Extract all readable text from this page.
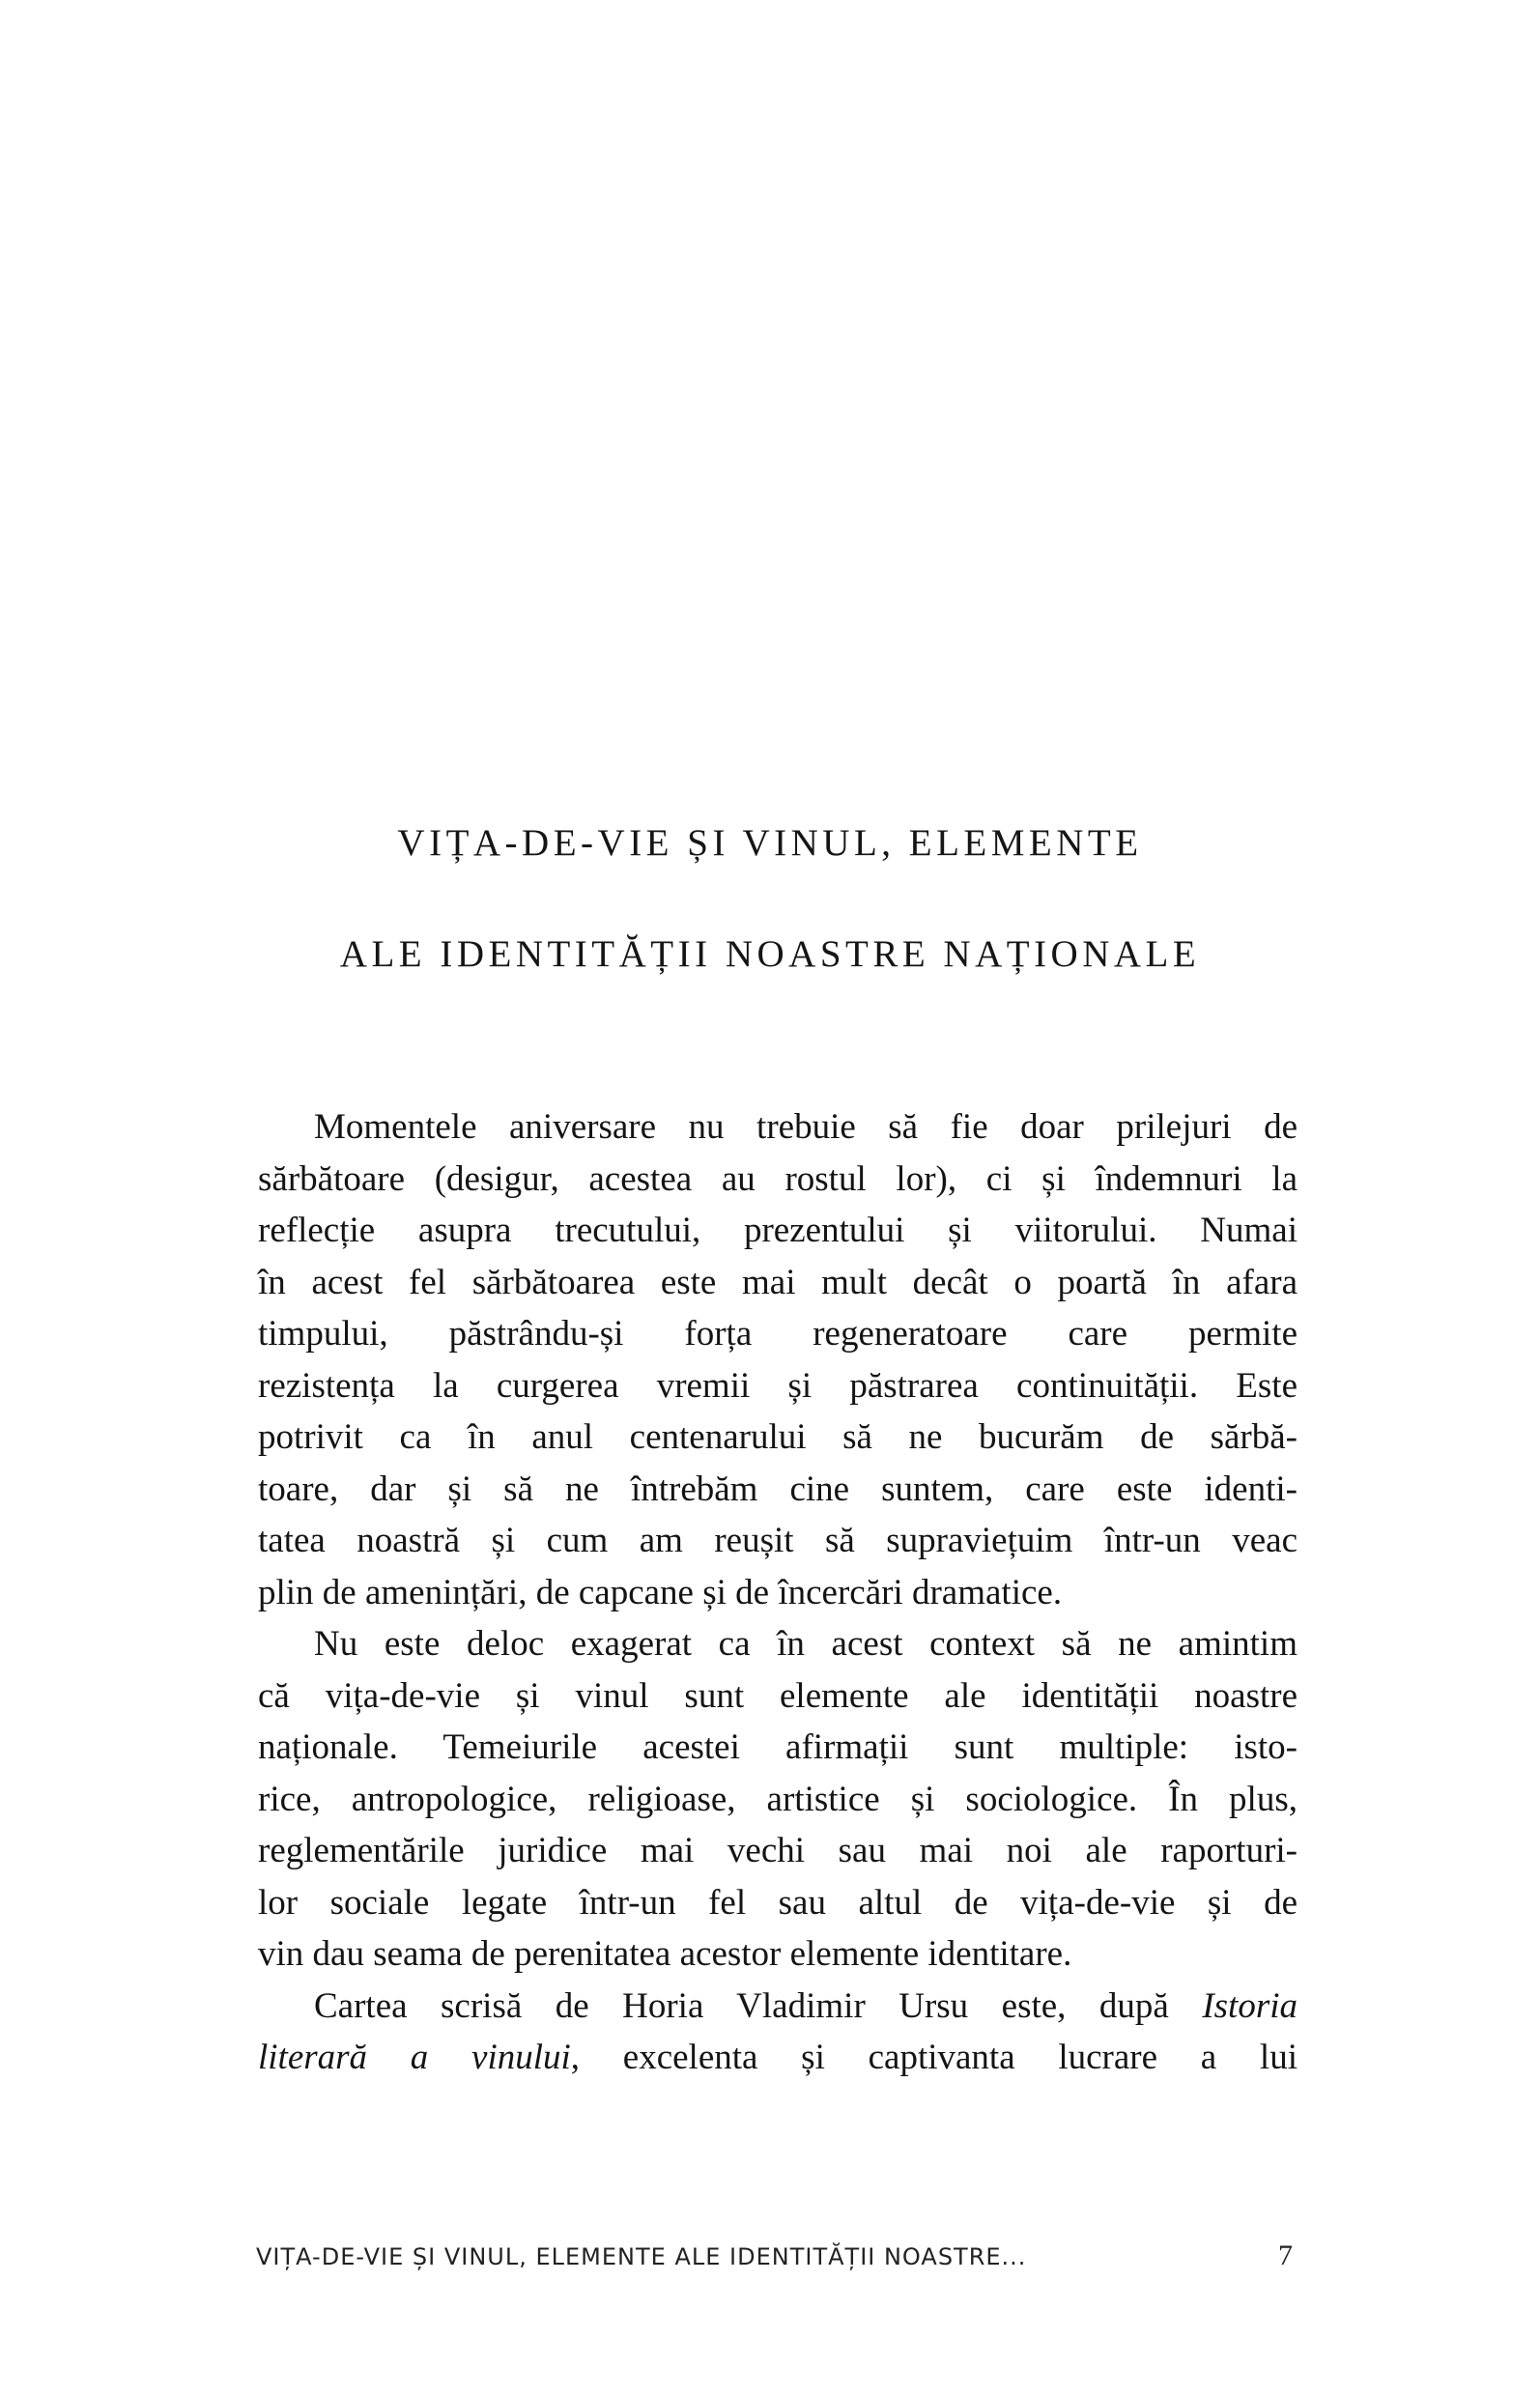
VIȚA-DE-VIE ȘI VINUL, ELEMENTE
ALE IDENTITĂȚII NOASTRE NAȚIONALE
Momentele aniversare nu trebuie să fie doar prilejuri de
sărbătoare (desigur, acestea au rostul lor), ci și îndemnuri la
reflecție asupra trecutului, prezentului și viitorului. Numai
în acest fel sărbătoarea este mai mult decât o poartă în afara
timpului, păstrându-și forța regeneratoare care permite
rezistența la curgerea vremii și păstrarea continuității. Este
potrivit ca în anul centenarului să ne bucurăm de sărbă-
toare, dar și să ne întrebăm cine suntem, care este identi-
tatea noastră și cum am reușit să supraviețuim într-un veac
plin de amenințări, de capcane și de încercări dramatice.
Nu este deloc exagerat ca în acest context să ne amintim
că vița-de-vie și vinul sunt elemente ale identității noastre
naționale. Temeiurile acestei afirmații sunt multiple: isto-
rice, antropologice, religioase, artistice și sociologice. În plus,
reglementările juridice mai vechi sau mai noi ale raporturi-
lor sociale legate într-un fel sau altul de vița-de-vie și de
vin dau seama de perenitatea acestor elemente identitare.
Cartea scrisă de Horia Vladimir Ursu este, după Istoria
literară a vinului, excelenta și captivanta lucrare a lui
VIȚA-DE-VIE ȘI VINUL, ELEMENTE ALE IDENTITĂȚII NOASTRE...	7
